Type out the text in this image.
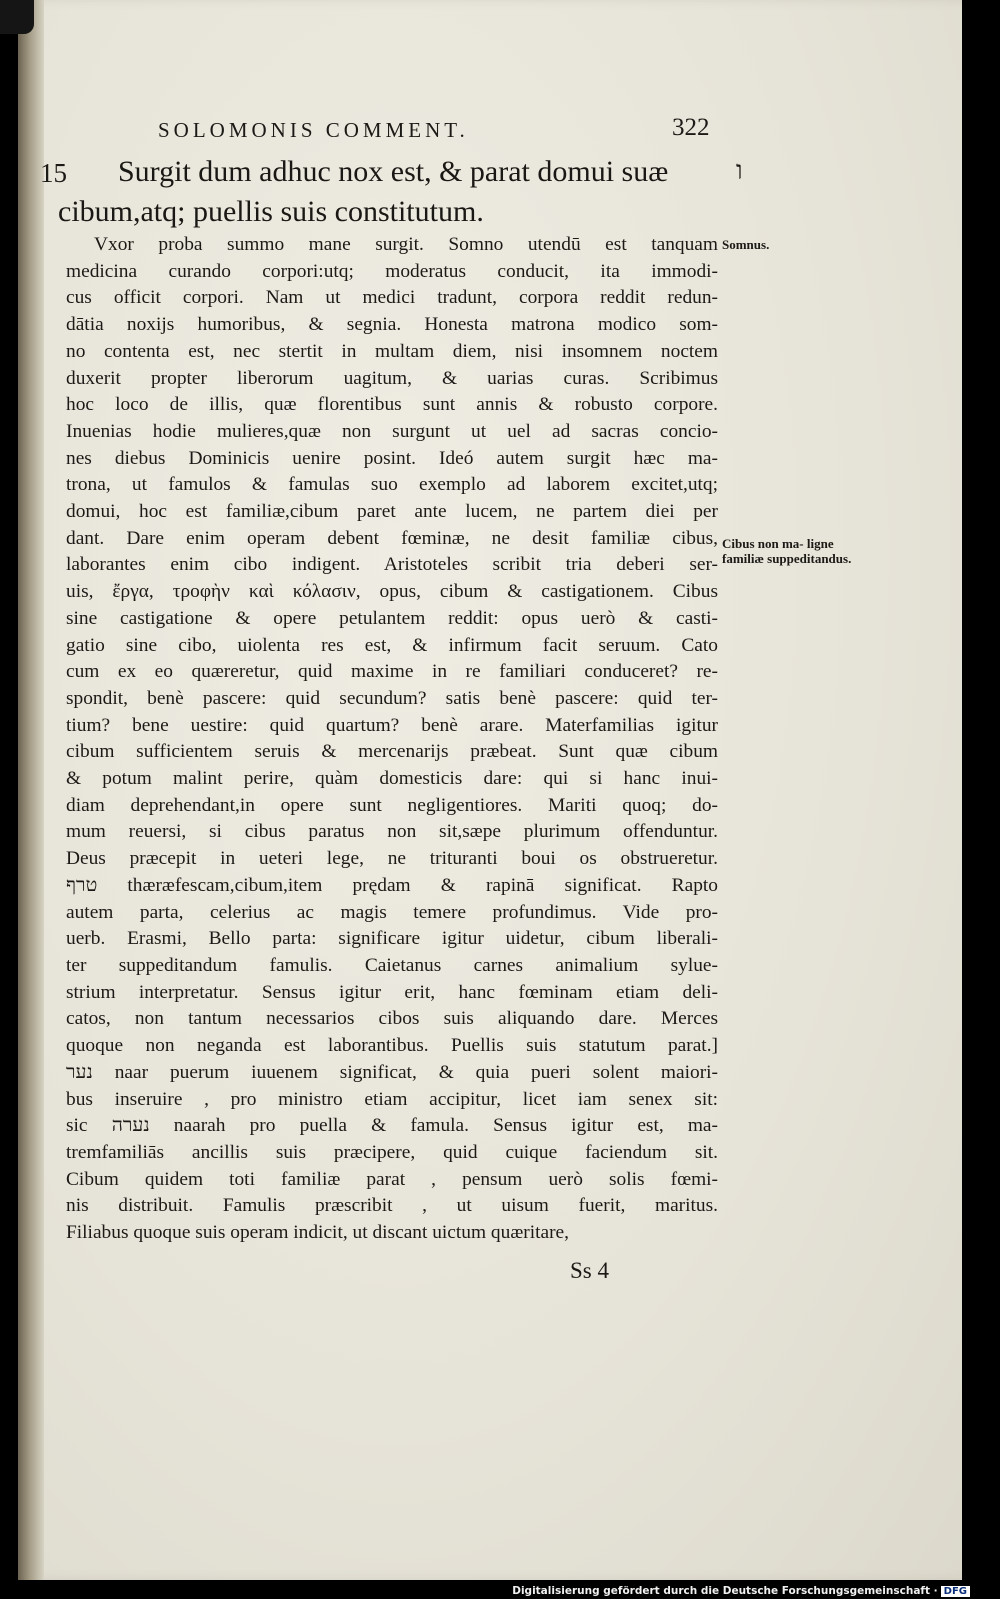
SOLOMONIS COMMENT.	322
15	ו
Surgit dum adhuc nox est, & parat domui suæ
cibum,atq; puellis suis constitutum.
Vxor proba summo mane surgit. Somno utendū est tanquam
medicina curando corpori:utq; moderatus conducit, ita immodi-
cus officit corpori. Nam ut medici tradunt, corpora reddit redun-
dātia noxijs humoribus, & segnia. Honesta matrona modico som-
no contenta est, nec stertit in multam diem, nisi insomnem noctem
duxerit propter liberorum uagitum, & uarias curas. Scribimus
hoc loco de illis, quæ florentibus sunt annis & robusto corpore.
Inuenias hodie mulieres,quæ non surgunt ut uel ad sacras concio-
nes diebus Dominicis uenire posint. Ideó autem surgit hæc ma-
trona, ut famulos & famulas suo exemplo ad laborem excitet,utq;
domui, hoc est familiæ,cibum paret ante lucem, ne partem diei per
dant. Dare enim operam debent fœminæ, ne desit familiæ cibus,
laborantes enim cibo indigent. Aristoteles scribit tria deberi ser-
uis, ἔργα, τροφὴν καὶ κόλασιν, opus, cibum & castigationem. Cibus
sine castigatione & opere petulantem reddit: opus uerò & casti-
gatio sine cibo, uiolenta res est, & infirmum facit seruum. Cato
cum ex eo quæreretur, quid maxime in re familiari conduceret? re-
spondit, benè pascere: quid secundum? satis benè pascere: quid ter-
tium? bene uestire: quid quartum? benè arare. Materfamilias igitur
cibum sufficientem seruis & mercenarijs præbeat. Sunt quæ cibum
& potum malint perire, quàm domesticis dare: qui si hanc inui-
diam deprehendant,in opere sunt negligentiores. Mariti quoq; do-
mum reuersi, si cibus paratus non sit,sæpe plurimum offenduntur.
Deus præcepit in ueteri lege, ne trituranti boui os obstrueretur.
טרף thæræfescam,cibum,item prędam & rapinā significat. Rapto
autem parta, celerius ac magis temere profundimus. Vide pro-
uerb. Erasmi, Bello parta: significare igitur uidetur, cibum liberali-
ter suppeditandum famulis. Caietanus carnes animalium sylue-
strium interpretatur. Sensus igitur erit, hanc fœminam etiam deli-
catos, non tantum necessarios cibos suis aliquando dare. Merces
quoque non neganda est laborantibus. Puellis suis statutum parat.]
נער naar puerum iuuenem significat, & quia pueri solent maiori-
bus inseruire , pro ministro etiam accipitur, licet iam senex sit:
sic נערה naarah pro puella & famula. Sensus igitur est, ma-
tremfamiliās ancillis suis præcipere, quid cuique faciendum sit.
Cibum quidem toti familiæ parat , pensum uerò solis fœmi-
nis distribuit. Famulis præscribit , ut uisum fuerit, maritus.
Filiabus quoque suis operam indicit, ut discant uictum quæritare,
Somnus.
Cibus non ma- ligne familiæ suppeditandus.
Ss 4
Digitalisierung gefördert durch die Deutsche Forschungsgemeinschaft · DFG
